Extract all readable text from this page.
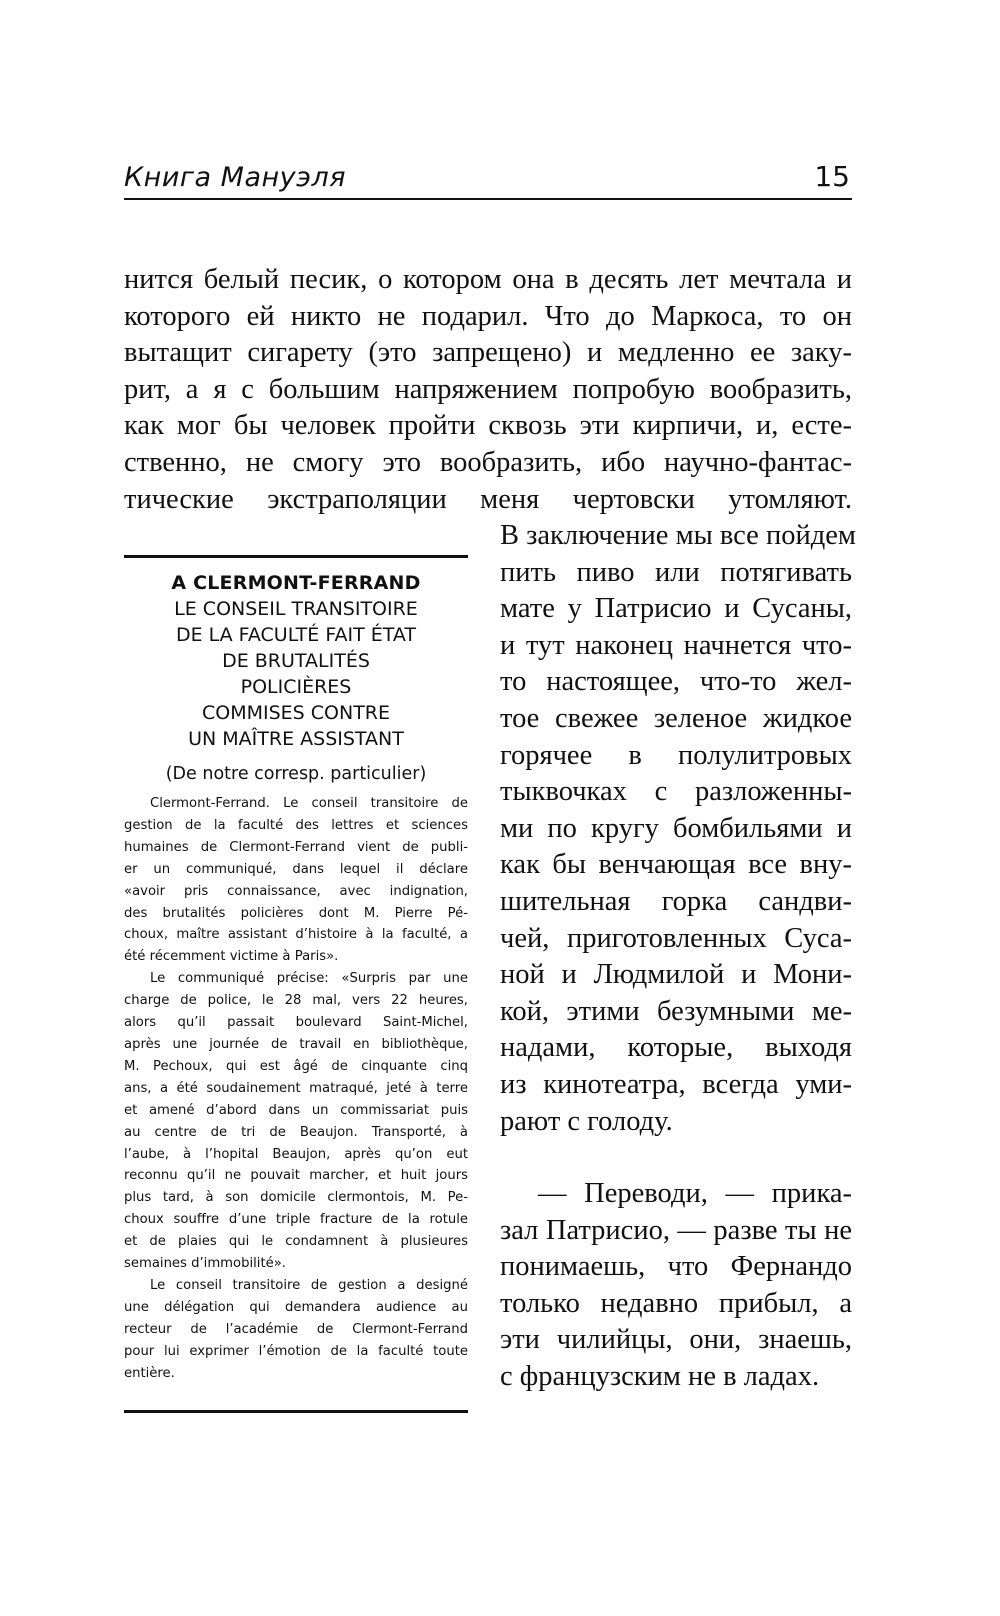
Книга Мануэля	15
нится белый песик, о котором она в десять лет мечтала и
которого ей никто не подарил. Что до Маркоса, то он
вытащит сигарету (это запрещено) и медленно ее заку-
рит, а я с большим напряжением попробую вообразить,
как мог бы человек пройти сквозь эти кирпичи, и, есте-
ственно, не смогу это вообразить, ибо научно-фантас-
тические экстраполяции меня чертовски утомляют.
В заключение мы все пойдем
пить пиво или потягивать
мате у Патрисио и Сусаны,
и тут наконец начнется что-
то настоящее, что-то жел-
тое свежее зеленое жидкое
горячее в полулитровых
тыквочках с разложенны-
ми по кругу бомбильями и
как бы венчающая все вну-
шительная горка сандви-
чей, приготовленных Суса-
ной и Людмилой и Мони-
кой, этими безумными ме-
надами, которые, выходя
из кинотеатра, всегда уми-
рают с голоду.
— Переводи, — прика-
зал Патрисио, — разве ты не
понимаешь, что Фернандо
только недавно прибыл, а
эти чилийцы, они, знаешь,
с французским не в ладах.
A CLERMONT-FERRAND
LE CONSEIL TRANSITOIRE
DE LA FACULTÉ FAIT ÉTAT
DE BRUTALITÉS
POLICIÈRES
COMMISES CONTRE
UN MAÎTRE ASSISTANT
(De notre corresp. particulier)
Clermont-Ferrand. Le conseil transitoire de
gestion de la faculté des lettres et sciences
humaines de Clermont-Ferrand vient de publi-
er un communiqué, dans lequel il déclare
«avoir pris connaissance, avec indignation,
des brutalités policières dont M. Pierre Pé-
choux, maître assistant d’histoire à la faculté, a
été récemment victime à Paris».
Le communiqué précise: «Surpris par une
charge de police, le 28 mal, vers 22 heures,
alors qu’il passait boulevard Saint-Michel,
après une journée de travail en bibliothèque,
M. Pechoux, qui est âgé de cinquante cinq
ans, a été soudainement matraqué, jeté à terre
et amené d’abord dans un commissariat puis
au centre de tri de Beaujon. Transporté, à
l’aube, à l’hopital Beaujon, après qu’on eut
reconnu qu’il ne pouvait marcher, et huit jours
plus tard, à son domicile clermontois, M. Pe-
choux souffre d’une triple fracture de la rotule
et de plaies qui le condamnent à plusieures
semaines d’immobilité».
Le conseil transitoire de gestion a designé
une délégation qui demandera audience au
recteur de l’académie de Clermont-Ferrand
pour lui exprimer l’émotion de la faculté toute
entière.
